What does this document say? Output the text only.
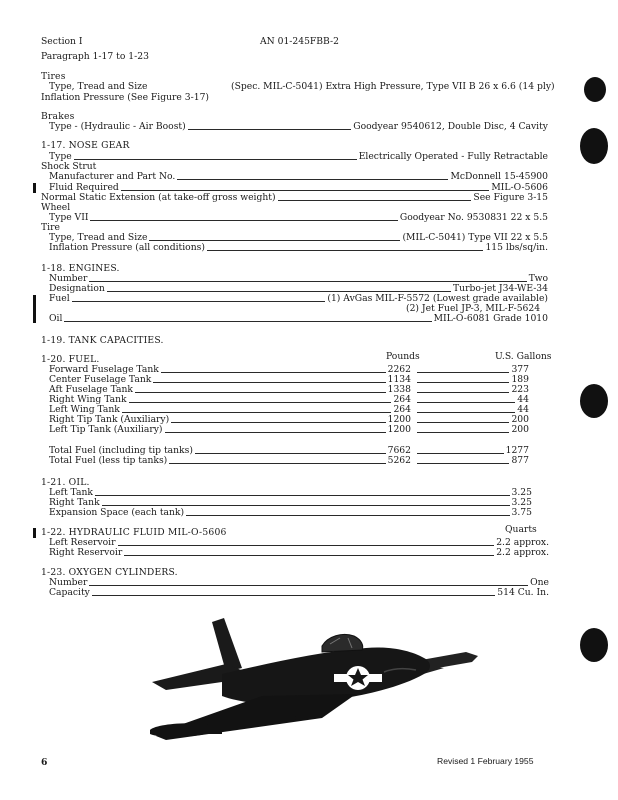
Section I	AN 01-245FBB-2
Paragraph 1-17 to 1-23
Tires
Type, Tread and Size	(Spec. MIL-C-5041) Extra High Pressure, Type VII B 26 x 6.6 (14 ply)
Inflation Pressure (See Figure 3-17)
Brakes
Type - (Hydraulic - Air Boost)	Goodyear 9540612, Double Disc, 4 Cavity
1-17. NOSE GEAR
Type	Electrically Operated - Fully Retractable
Shock Strut
Manufacturer and Part No.	McDonnell 15-45900
Fluid Required	MIL-O-5606
Normal Static Extension (at take-off gross weight)	See Figure 3-15
Wheel
Type VII	Goodyear No. 9530831 22 x 5.5
Tire
Type, Tread and Size	(MIL-C-5041) Type VII 22 x 5.5
Inflation Pressure (all conditions)	115 lbs/sq/in.
1-18. ENGINES.
Number	Two
Designation	Turbo-jet J34-WE-34
Fuel	(1) AvGas MIL-F-5572 (Lowest grade available)
(2) Jet Fuel JP-3, MIL-F-5624
Oil	MIL-O-6081 Grade 1010
1-19. TANK CAPACITIES.
1-20. FUEL.	Pounds	U.S. Gallons
Forward Fuselage Tank	2262	377
Center Fuselage Tank	1134	189
Aft Fuselage Tank	1338	223
Right Wing Tank	264	44
Left Wing Tank	264	44
Right Tip Tank (Auxiliary)	1200	200
Left Tip Tank (Auxiliary)	1200	200
Total Fuel (including tip tanks)	7662	1277
Total Fuel (less tip tanks)	5262	877
1-21. OIL.
Left Tank	3.25
Right Tank	3.25
Expansion Space (each tank)	3.75
1-22. HYDRAULIC FLUID MIL-O-5606	Quarts
Left Reservoir	2.2 approx.
Right Reservoir	2.2 approx.
1-23. OXYGEN CYLINDERS.
Number	One
Capacity	514 Cu. In.
6	Revised 1 February 1955
